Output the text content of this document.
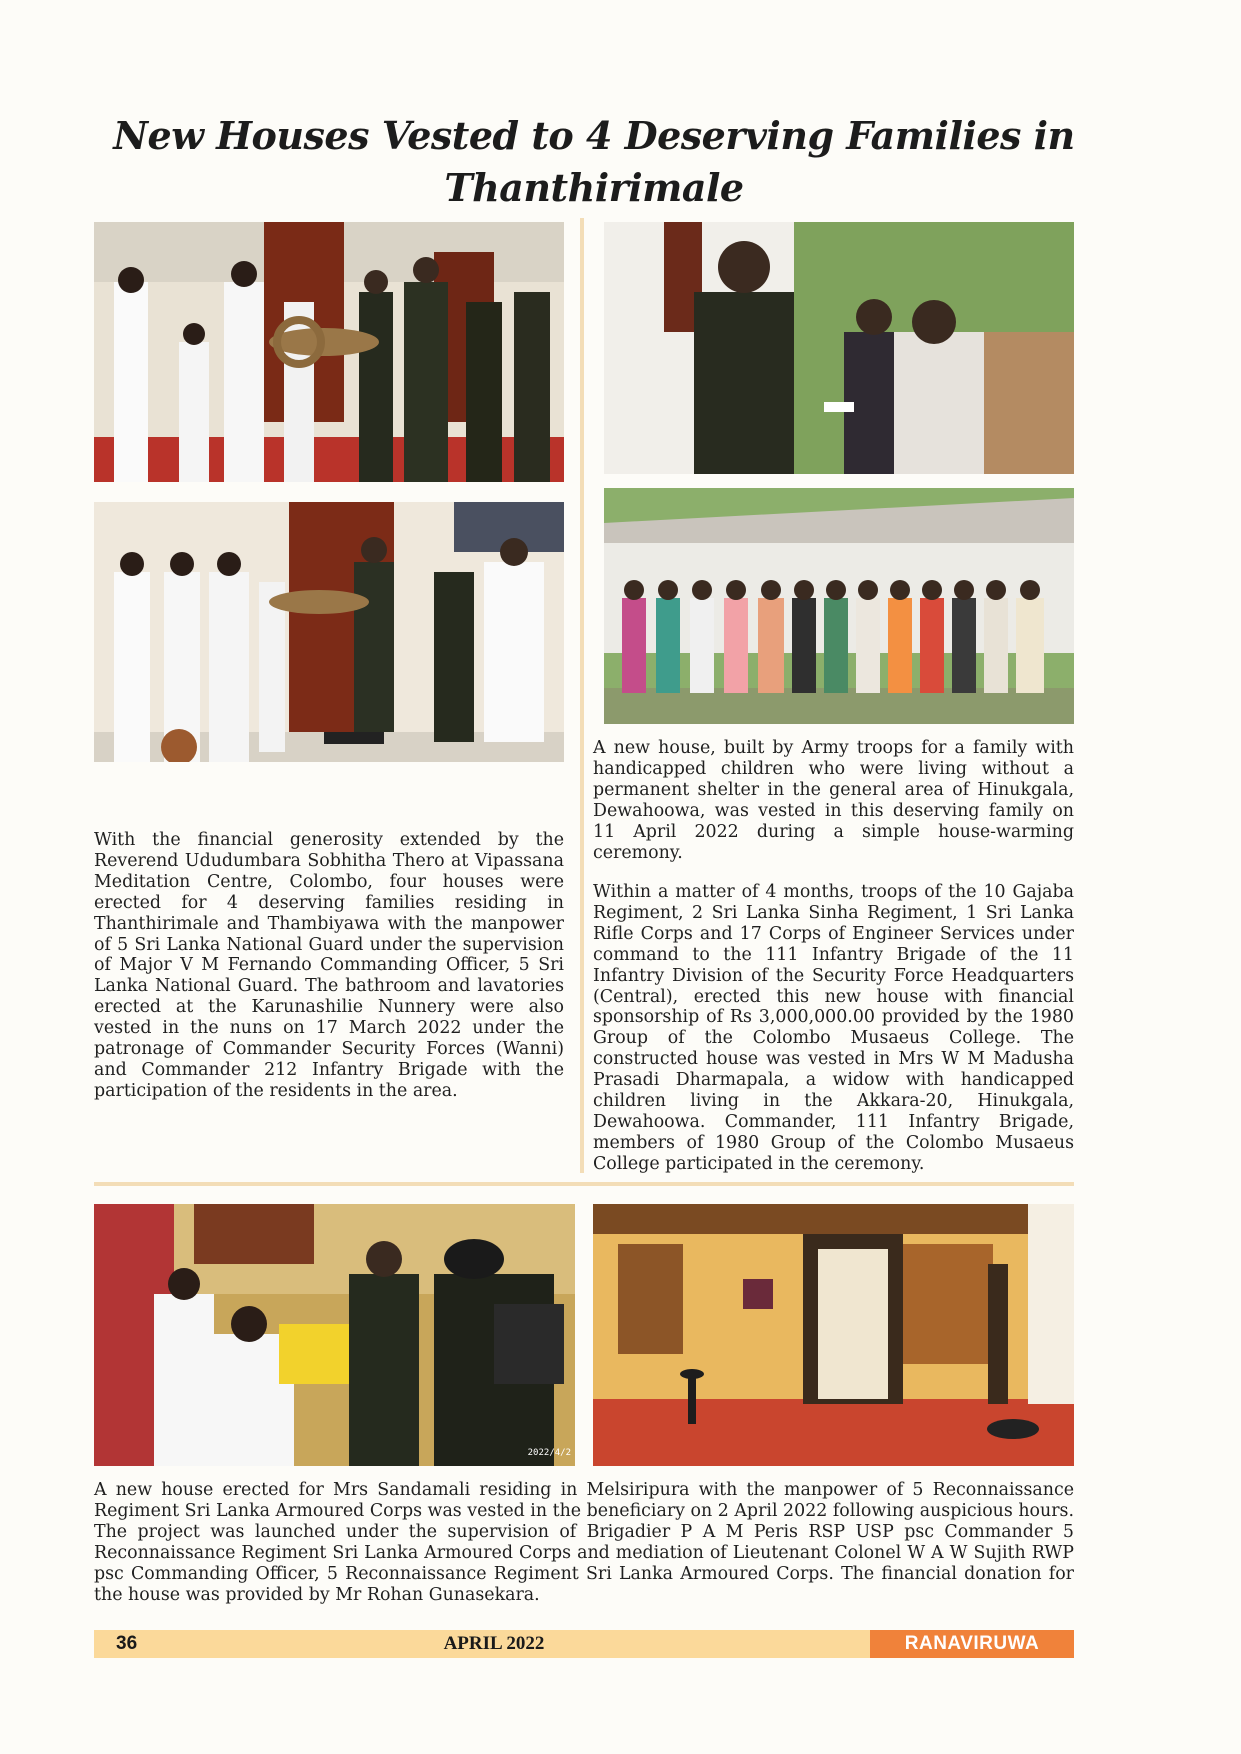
New Houses Vested to 4 Deserving Families in
Thanthirimale

With the financial generosity extended by the Reverend Ududumbara Sobhitha Thero at Vipassana Meditation Centre, Colombo, four houses were erected for 4 deserving families residing in Thanthirimale and Thambiyawa with the manpower of 5 Sri Lanka National Guard under the supervision of Major V M Fernando Commanding Officer, 5 Sri Lanka National Guard. The bathroom and lavatories erected at the Karunashilie Nunnery were also vested in the nuns on 17 March 2022 under the patronage of Commander Security Forces (Wanni) and Commander 212 Infantry Brigade with the participation of the residents in the area.

A new house, built by Army troops for a family with handicapped children who were living without a permanent shelter in the general area of Hinukgala, Dewahoowa, was vested in this deserving family on 11 April 2022 during a simple house-warming ceremony.

Within a matter of 4 months, troops of the 10 Gajaba Regiment, 2 Sri Lanka Sinha Regiment, 1 Sri Lanka Rifle Corps and 17 Corps of Engineer Services under command to the 111 Infantry Brigade of the 11 Infantry Division of the Security Force Headquarters (Central), erected this new house with financial sponsorship of Rs 3,000,000.00 provided by the 1980 Group of the Colombo Musaeus College. The constructed house was vested in Mrs W M Madusha Prasadi Dharmapala, a widow with handicapped children living in the Akkara-20, Hinukgala, Dewahoowa. Commander, 111 Infantry Brigade, members of 1980 Group of the Colombo Musaeus College participated in the ceremony.

2022/4/2

A new house erected for Mrs Sandamali residing in Melsiripura with the manpower of 5 Reconnaissance Regiment Sri Lanka Armoured Corps was vested in the beneficiary on 2 April 2022 following auspicious hours. The project was launched under the supervision of Brigadier P A M Peris RSP USP psc Commander 5 Reconnaissance Regiment Sri Lanka Armoured Corps and mediation of Lieutenant Colonel W A W Sujith RWP psc Commanding Officer, 5 Reconnaissance Regiment Sri Lanka Armoured Corps. The financial donation for the house was provided by Mr Rohan Gunasekara.

36	APRIL 2022	RANAVIRUWA
